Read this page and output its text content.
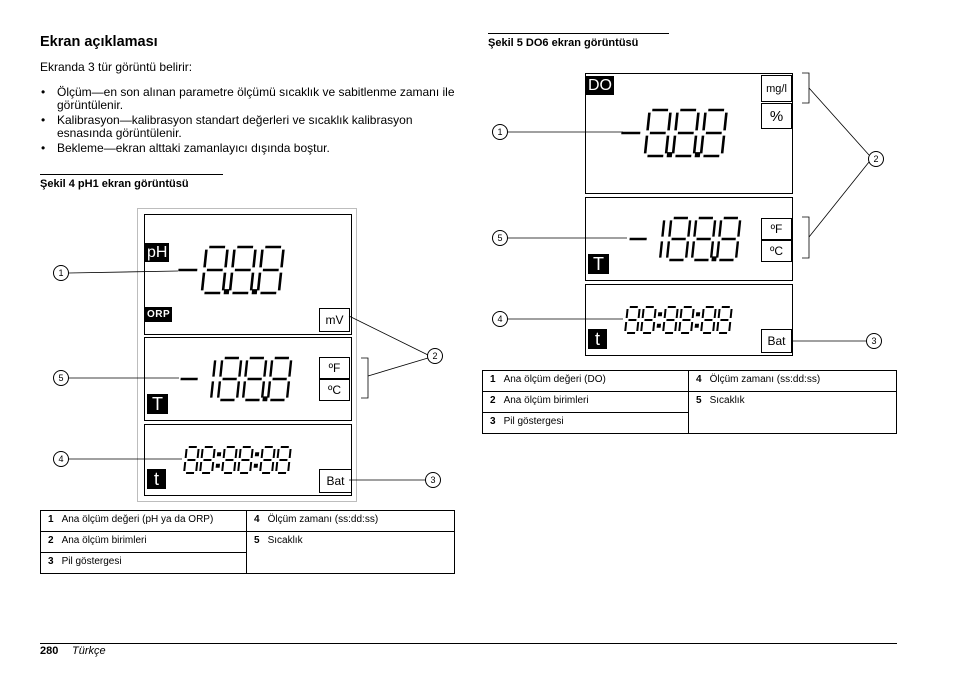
Ekran açıklaması
Ekranda 3 tür görüntü belirir:
• Ölçüm—en son alınan parametre ölçümü sıcaklık ve sabitlenme zamanı ile görüntülenir.
• Kalibrasyon—kalibrasyon standart değerleri ve sıcaklık kalibrasyon esnasında görüntülenir.
• Bekleme—ekran alttaki zamanlayıcı dışında boştur.
Şekil 4 pH1 ekran görüntüsü
pH
ORP	mV
T
ºF
ºC
t	Bat
1
2
3
4
5
1 Ana ölçüm değeri (pH ya da ORP)	4 Ölçüm zamanı (ss:dd:ss)
2 Ana ölçüm birimleri	5 Sıcaklık
3 Pil göstergesi	
Şekil 5 DO6 ekran görüntüsü
DO	mg/l
%
T
ºF
ºC
t	Bat
1
2
3
4
5
1 Ana ölçüm değeri (DO)	4 Ölçüm zamanı (ss:dd:ss)
2 Ana ölçüm birimleri	5 Sıcaklık
3 Pil göstergesi	
280 Türkçe
